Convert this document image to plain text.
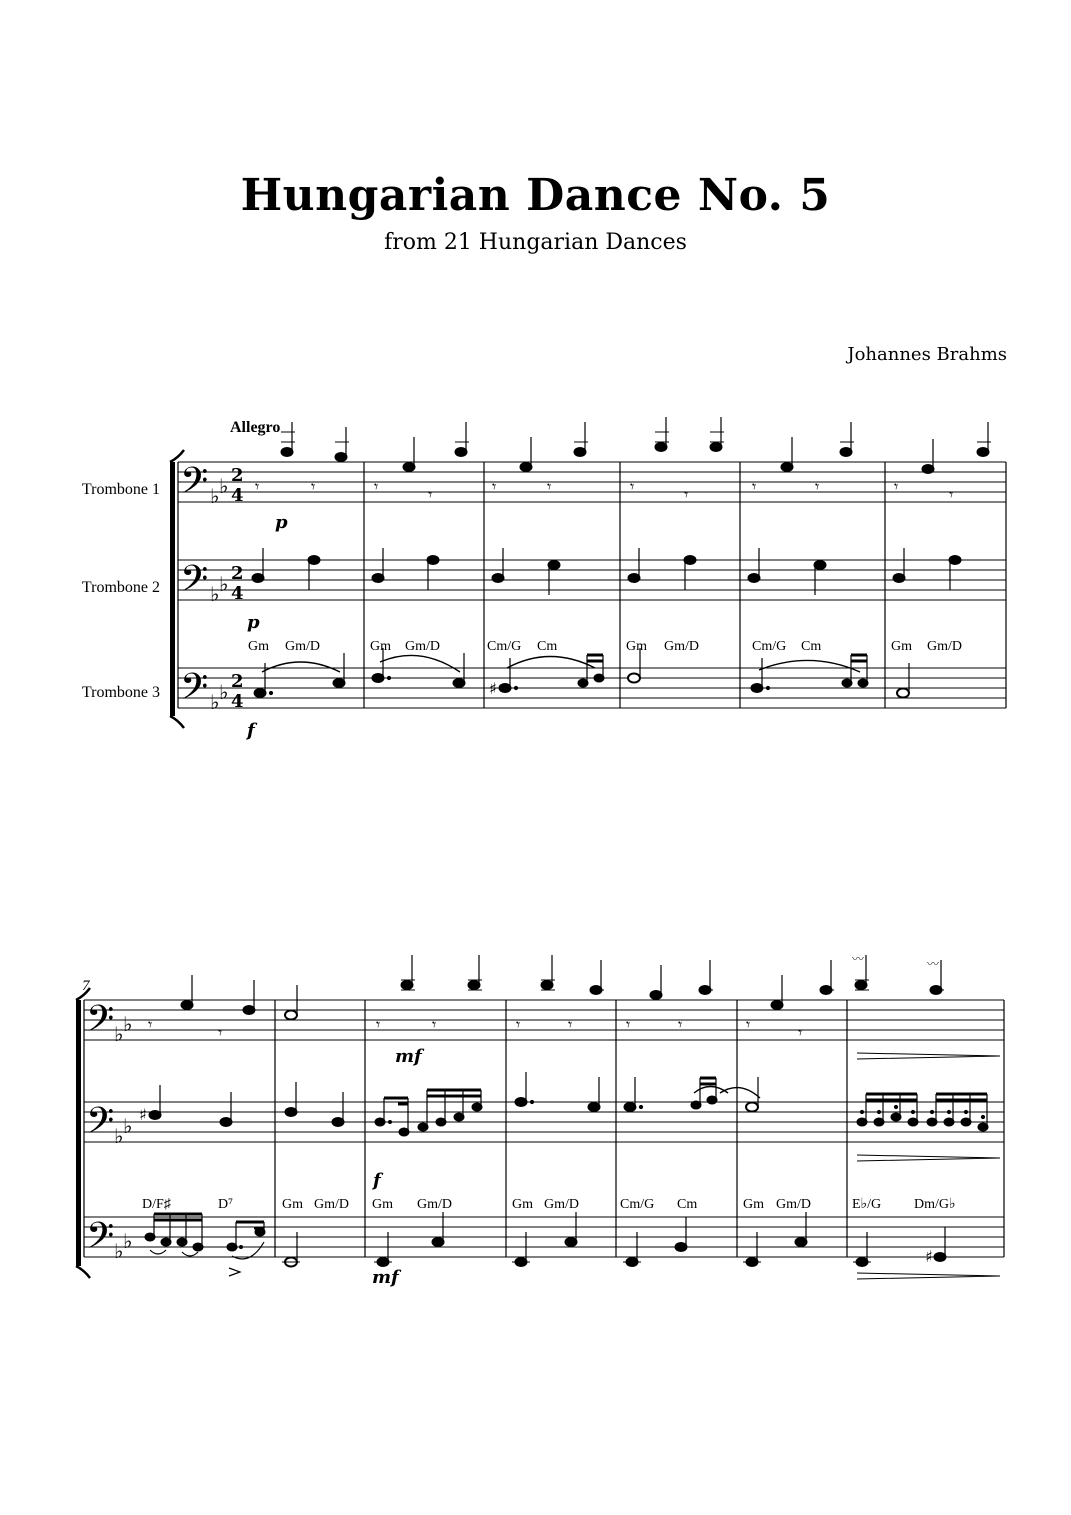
Hungarian Dance No. 5
from 21 Hungarian Dances
Johannes Brahms
Allegro
Trombone 1
Trombone 2
Trombone 3
𝄢
𝄢
𝄢
♭ ♭
♭ ♭
♭ ♭
2
4
2
4
2
4
𝄾	𝄾	𝄾	𝄾	𝄾	𝄾	𝄾	𝄾	𝄾	𝄾	𝄾	𝄾
p
p
Gm Gm/D	Gm Gm/D	Cm/G Cm	Gm Gm/D	Cm/G Cm	Gm Gm/D
♯
f
7
𝄢
𝄢
𝄢
♭ ♭
♭ ♭
♭ ♭
𝄾	𝄾	𝄾	𝄾	𝄾	𝄾	𝄾	𝄾	𝄾	𝄾
〰	〰
mf
♯
f
D/F♯	D⁷	Gm Gm/D Gm Gm/D	Gm Gm/D	Cm/G Cm	Gm Gm/D	E♭/G Dm/G♭
♯
mf
